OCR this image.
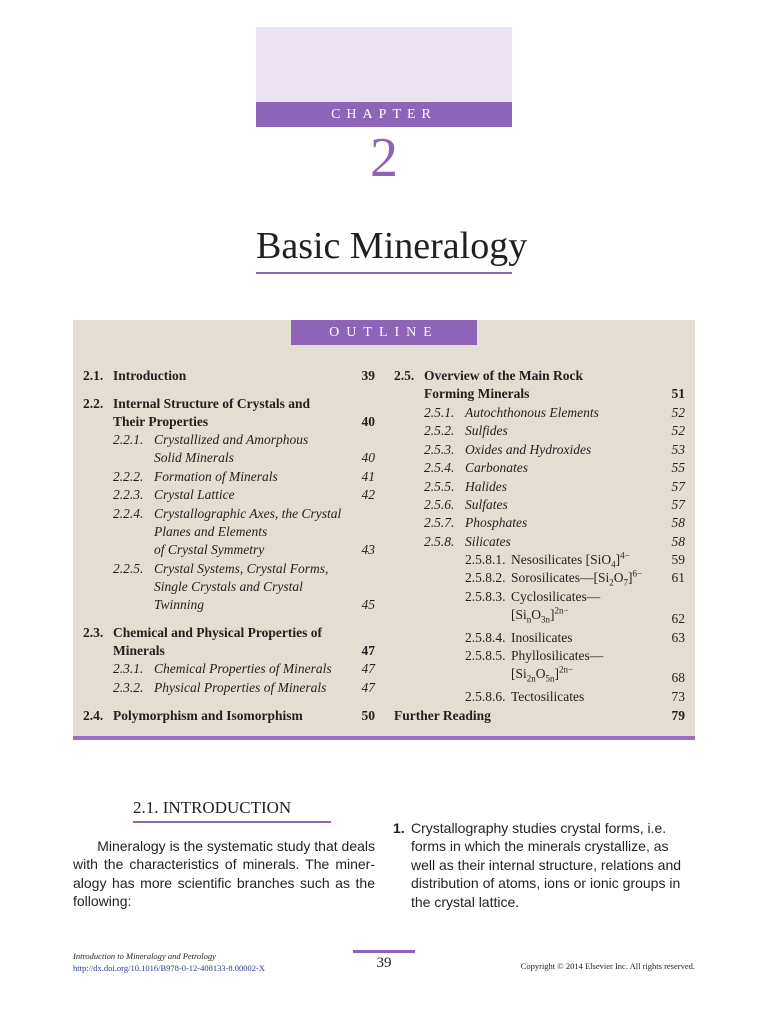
CHAPTER
2
Basic Mineralogy
OUTLINE
2.1. Introduction	39
2.2. Internal Structure of Crystals and
Their Properties	40
2.2.1. Crystallized and Amorphous
Solid Minerals	40
2.2.2. Formation of Minerals	41
2.2.3. Crystal Lattice	42
2.2.4. Crystallographic Axes, the Crystal
Planes and Elements
of Crystal Symmetry	43
2.2.5. Crystal Systems, Crystal Forms,
Single Crystals and Crystal
Twinning	45
2.3. Chemical and Physical Properties of
Minerals	47
2.3.1. Chemical Properties of Minerals 47
2.3.2. Physical Properties of Minerals	47
2.4. Polymorphism and Isomorphism	50
2.5. Overview of the Main Rock
Forming Minerals	51
2.5.1. Autochthonous Elements	52
2.5.2. Sulfides	52
2.5.3. Oxides and Hydroxides	53
2.5.4. Carbonates	55
2.5.5. Halides	57
2.5.6. Sulfates	57
2.5.7. Phosphates	58
2.5.8. Silicates	58
2.5.8.1. Nesosilicates $[SiO_4]^{4-}$	59
2.5.8.2. $Sorosilicates—[Si_2O_7]^{6-}$ 61
2.5.8.3. Cyclosilicates—
$[Si_nO_{3n}]^{2n-}$
62
2.5.8.4. Inosilicates	63
2.5.8.5. Phyllosilicates—
$[Si_{2n}O_{5n}]^{2n-}$
68
2.5.8.6. Tectosilicates	73
Further Reading	79
2.1. INTRODUCTION
Mineralogy is the systematic study that deals
with the characteristics of minerals. The miner-
alogy has more scientific branches such as the
following:
1. Crystallography studies crystal forms, i.e.
forms in which the minerals crystallize, as
well as their internal structure, relations and
distribution of atoms, ions or ionic groups in
the crystal lattice.
Introduction to Mineralogy and Petrology
http://dx.doi.org/10.1016/B978-0-12-408133-8.00002-X	39	Copyright © 2014 Elsevier Inc. All rights reserved.
